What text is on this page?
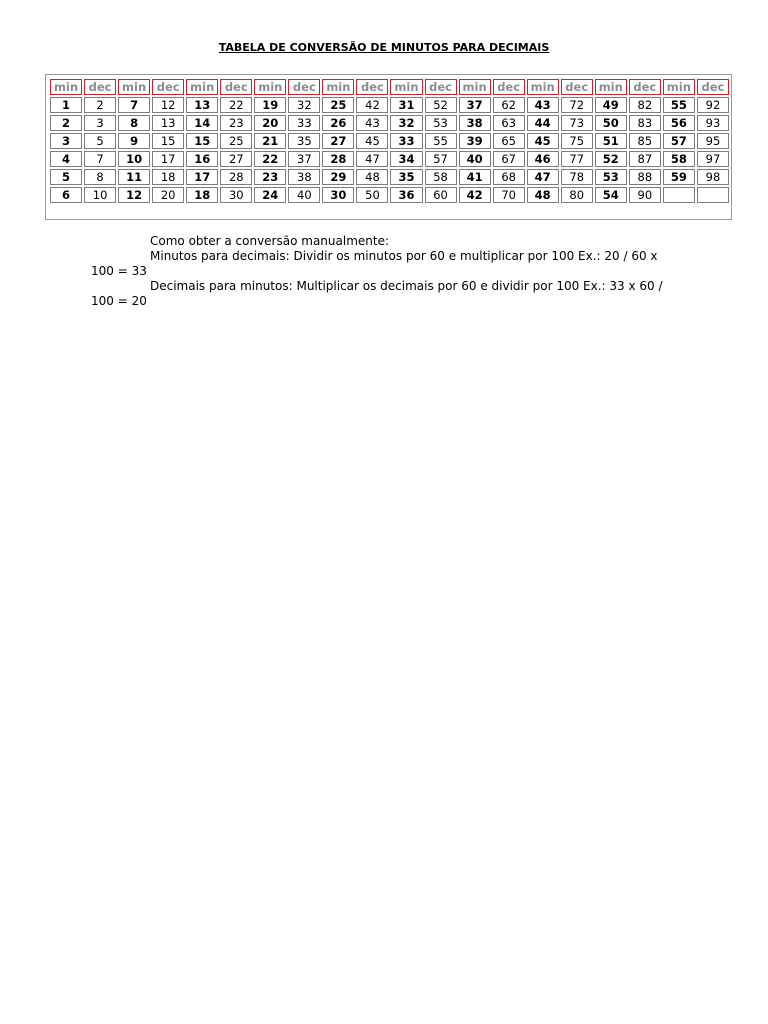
TABELA DE CONVERSÃO DE MINUTOS PARA DECIMAIS
min	dec	min	dec	min	dec	min	dec	min	dec	min	dec	min	dec	min	dec	min	dec	min	dec
1	2	7	12	13	22	19	32	25	42	31	52	37	62	43	72	49	82	55	92
2	3	8	13	14	23	20	33	26	43	32	53	38	63	44	73	50	83	56	93
3	5	9	15	15	25	21	35	27	45	33	55	39	65	45	75	51	85	57	95
4	7	10	17	16	27	22	37	28	47	34	57	40	67	46	77	52	87	58	97
5	8	11	18	17	28	23	38	29	48	35	58	41	68	47	78	53	88	59	98
6	10	12	20	18	30	24	40	30	50	36	60	42	70	48	80	54	90		
Como obter a conversão manualmente:
Minutos para decimais: Dividir os minutos por 60 e multiplicar por 100 Ex.: 20 / 60 x
100 = 33
Decimais para minutos: Multiplicar os decimais por 60 e dividir por 100 Ex.: 33 x 60 /
100 = 20
